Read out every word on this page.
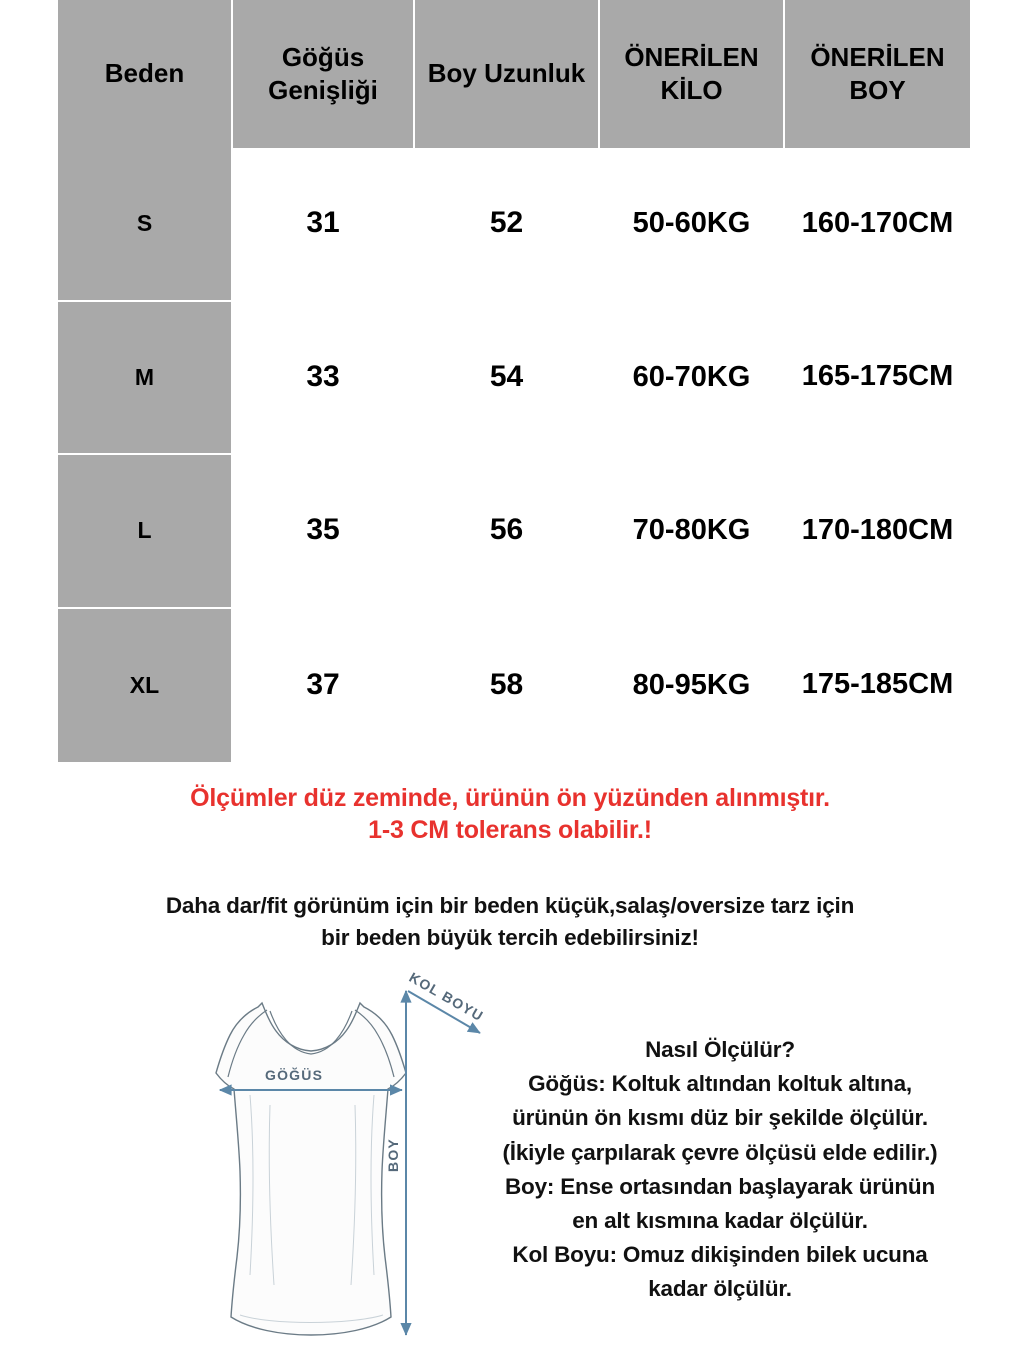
Beden	Göğüs Genişliği	Boy Uzunluk	ÖNERİLEN KİLO	ÖNERİLEN BOY
S	31	52	50-60KG	160-170CM
M	33	54	60-70KG	165-175CM
L	35	56	70-80KG	170-180CM
XL	37	58	80-95KG	175-185CM
Ölçümler düz zeminde, ürünün ön yüzünden alınmıştır.
1-3 CM tolerans olabilir.!
Daha dar/fit görünüm için bir beden küçük,salaş/oversize tarz için
bir beden büyük tercih edebilirsiniz!
GÖĞÜS
BOY
KOL BOYU
Nasıl Ölçülür?
Göğüs: Koltuk altından koltuk altına,
ürünün ön kısmı düz bir şekilde ölçülür.
(İkiyle çarpılarak çevre ölçüsü elde edilir.)
Boy: Ense ortasından başlayarak ürünün
en alt kısmına kadar ölçülür.
Kol Boyu: Omuz dikişinden bilek ucuna
kadar ölçülür.
